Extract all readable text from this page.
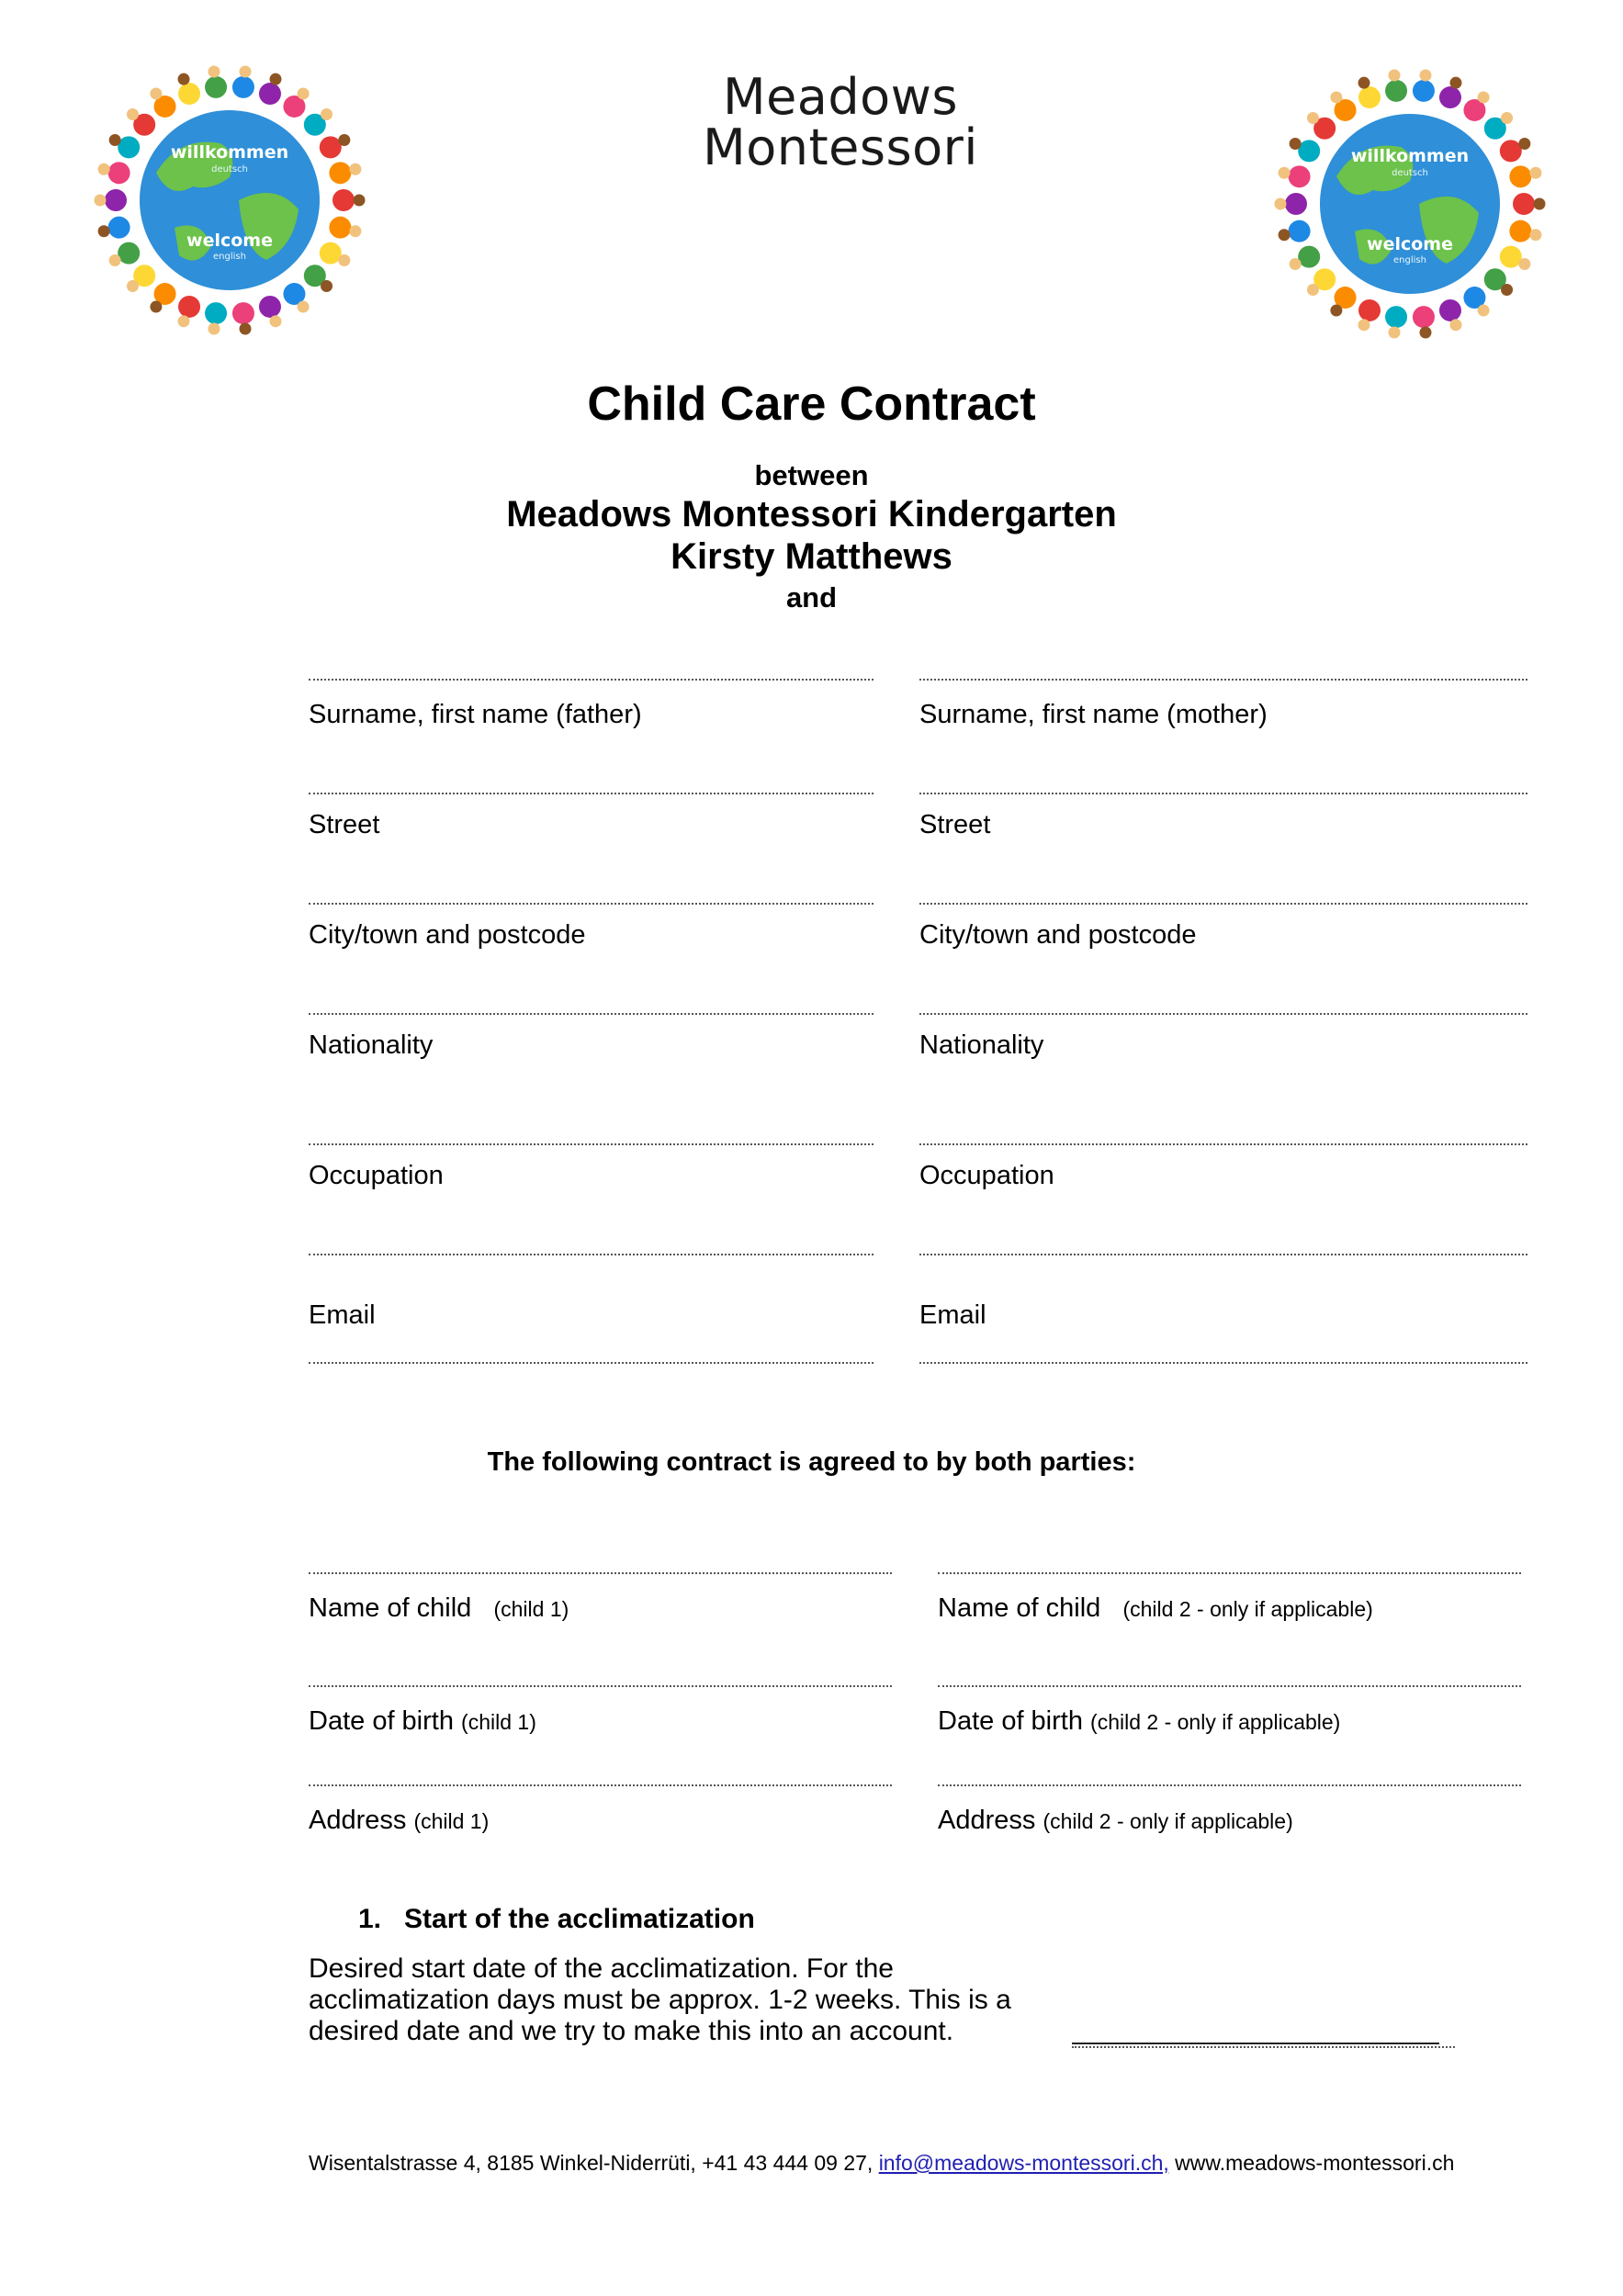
willkommen
deutsch
welcome
english
Meadows
Montessori	willkommen
deutsch
welcome
english
Child Care Contract
between
Meadows Montessori Kindergarten
Kirsty Matthews
and
Surname, first name (father)	Surname, first name (mother)
Street	Street
City/town and postcode	City/town and postcode
Nationality	Nationality
Occupation	Occupation
Email	Email
The following contract is agreed to by both parties:
Name of child (child 1)	Name of child (child 2 - only if applicable)
Date of birth (child 1)	Date of birth (child 2 - only if applicable)
Address (child 1)	Address (child 2 - only if applicable)
1. Start of the acclimatization
Desired start date of the acclimatization. For the acclimatization days must be approx. 1-2 weeks. This is a desired date and we try to make this into an account.
Wisentalstrasse 4, 8185 Winkel-Niderrüti, +41 43 444 09 27, info@meadows-montessori.ch, www.meadows-montessori.ch
